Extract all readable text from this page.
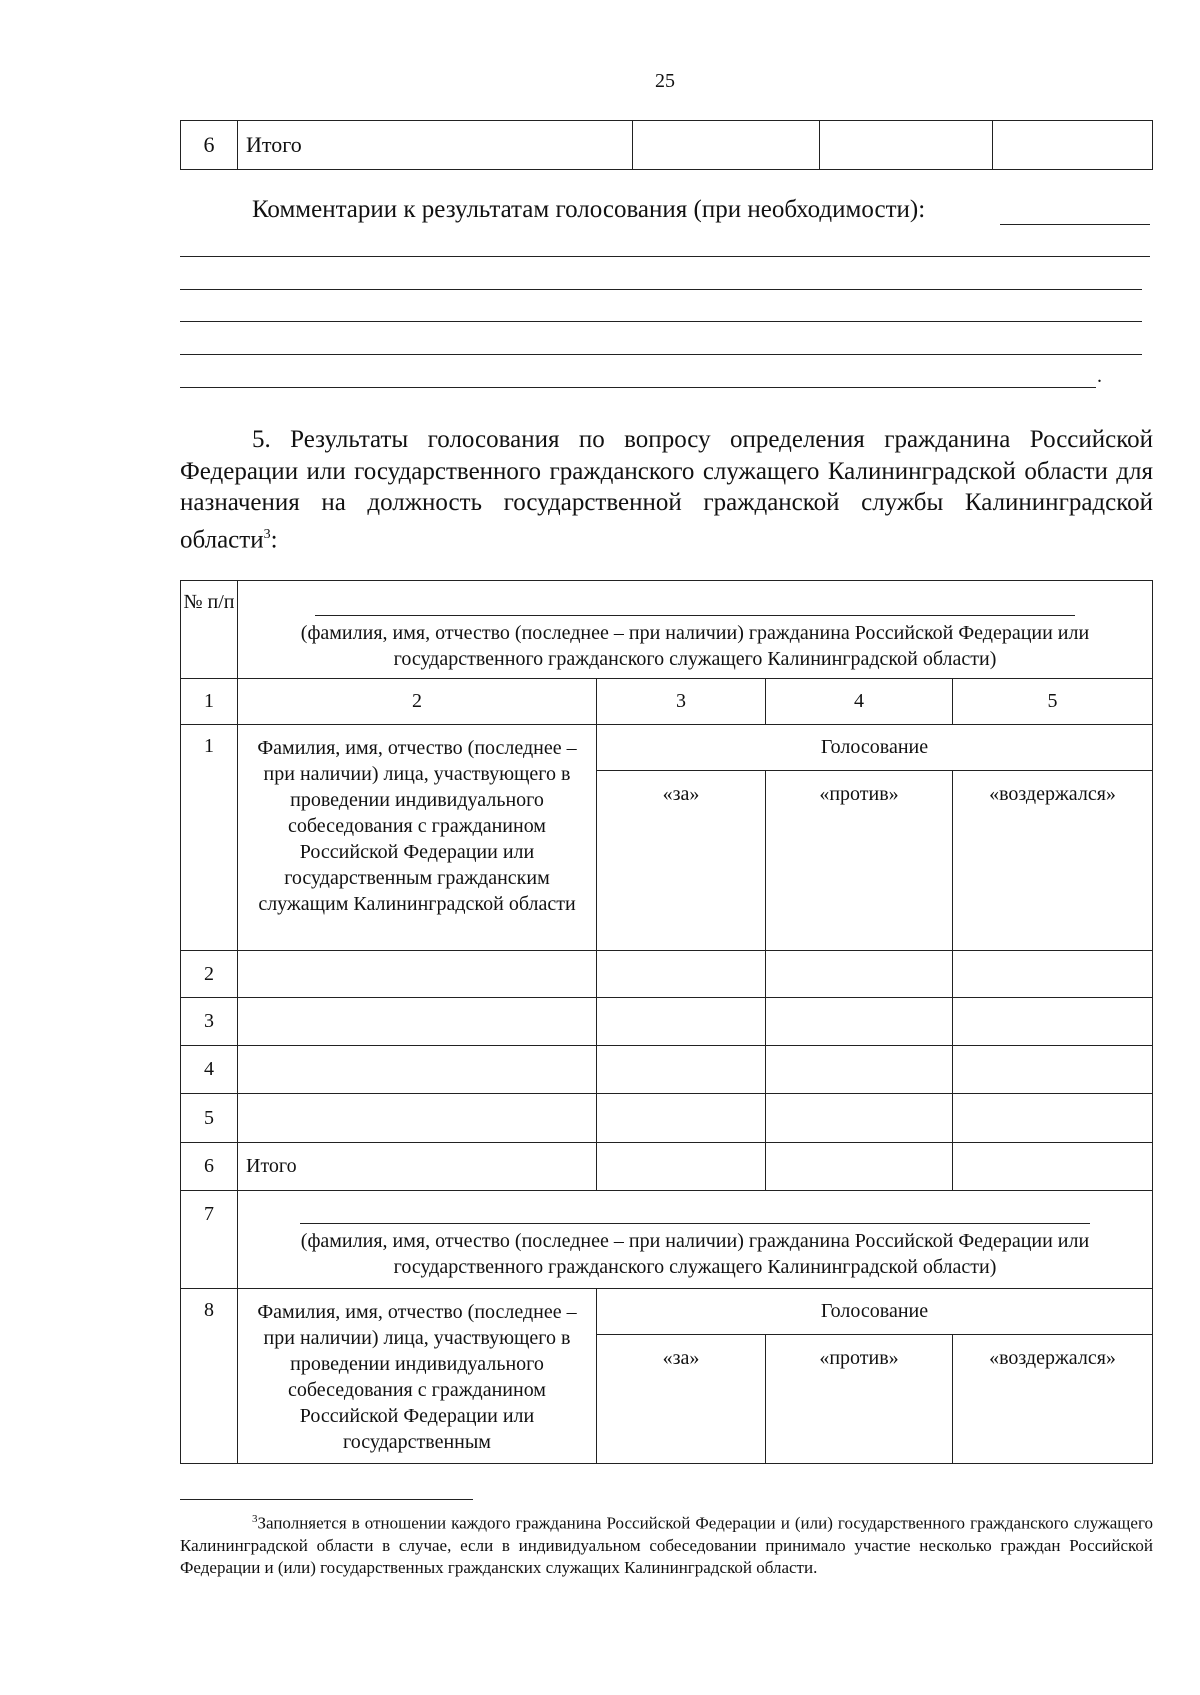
25
6	Итого			
Комментарии к результатам голосования (при необходимости):
.
5. Результаты голосования по вопросу определения гражданина Российской Федерации или государственного гражданского служащего Калининградской области для назначения на должность государственной гражданской службы Калининградской области$^3$:
№ п/п	(фамилия, имя, отчество (последнее – при наличии) гражданина Российской Федерации или государственного гражданского служащего Калининградской области)			

1	2	3	4	5
1	Фамилия, имя, отчество (последнее – при наличии) лица, участвующего в проведении индивидуального собеседования с гражданином Российской Федерации или государственным гражданским служащим Калининградской области	Голосование		
		«за»	«против»	«воздержался»
2				
3				
4				
5				
6	Итого			
7	(фамилия, имя, отчество (последнее – при наличии) гражданина Российской Федерации или государственного гражданского служащего Калининградской области)			

8	Фамилия, имя, отчество (последнее – при наличии) лица, участвующего в проведении индивидуального собеседования с гражданином Российской Федерации или государственным	Голосование		
		«за»	«против»	«воздержался»
$^3$Заполняется в отношении каждого гражданина Российской Федерации и (или) государственного гражданского служащего Калининградской области в случае, если в индивидуальном собеседовании принимало участие несколько граждан Российской Федерации и (или) государственных гражданских служащих Калининградской области.
